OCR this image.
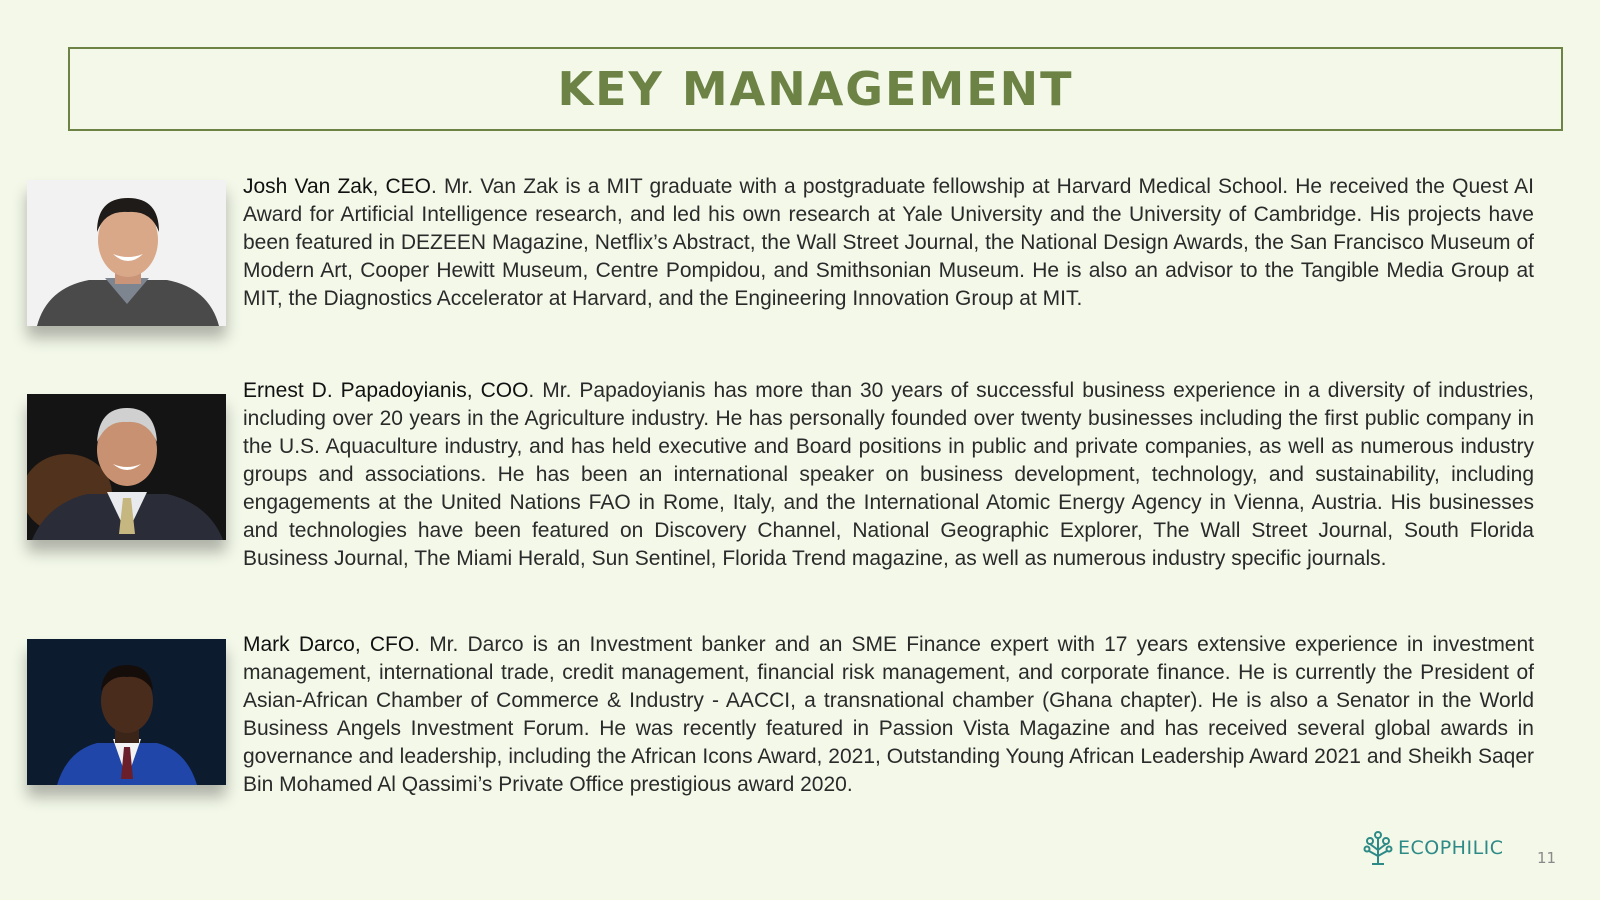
KEY MANAGEMENT
Josh Van Zak, CEO. Mr. Van Zak is a MIT graduate with a postgraduate fellowship at Harvard Medical School. He received the Quest AI Award for Artificial Intelligence research, and led his own research at Yale University and the University of Cambridge. His projects have been featured in DEZEEN Magazine, Netflix’s Abstract, the Wall Street Journal, the National Design Awards, the San Francisco Museum of Modern Art, Cooper Hewitt Museum, Centre Pompidou, and Smithsonian Museum. He is also an advisor to the Tangible Media Group at MIT, the Diagnostics Accelerator at Harvard, and the Engineering Innovation Group at MIT.
Ernest D. Papadoyianis, COO. Mr. Papadoyianis has more than 30 years of successful business experience in a diversity of industries, including over 20 years in the Agriculture industry. He has personally founded over twenty businesses including the first public company in the U.S. Aquaculture industry, and has held executive and Board positions in public and private companies, as well as numerous industry groups and associations. He has been an international speaker on business development, technology, and sustainability, including engagements at the United Nations FAO in Rome, Italy, and the International Atomic Energy Agency in Vienna, Austria. His businesses and technologies have been featured on Discovery Channel, National Geographic Explorer, The Wall Street Journal, South Florida Business Journal, The Miami Herald, Sun Sentinel, Florida Trend magazine, as well as numerous industry specific journals.
Mark Darco, CFO. Mr. Darco is an Investment banker and an SME Finance expert with 17 years extensive experience in investment management, international trade, credit management, financial risk management, and corporate finance. He is currently the President of Asian-African Chamber of Commerce & Industry - AACCI, a transnational chamber (Ghana chapter). He is also a Senator in the World Business Angels Investment Forum. He was recently featured in Passion Vista Magazine and has received several global awards in governance and leadership, including the African Icons Award, 2021, Outstanding Young African Leadership Award 2021 and Sheikh Saqer Bin Mohamed Al Qassimi’s Private Office prestigious award 2020.
ECOPHILIC 11
